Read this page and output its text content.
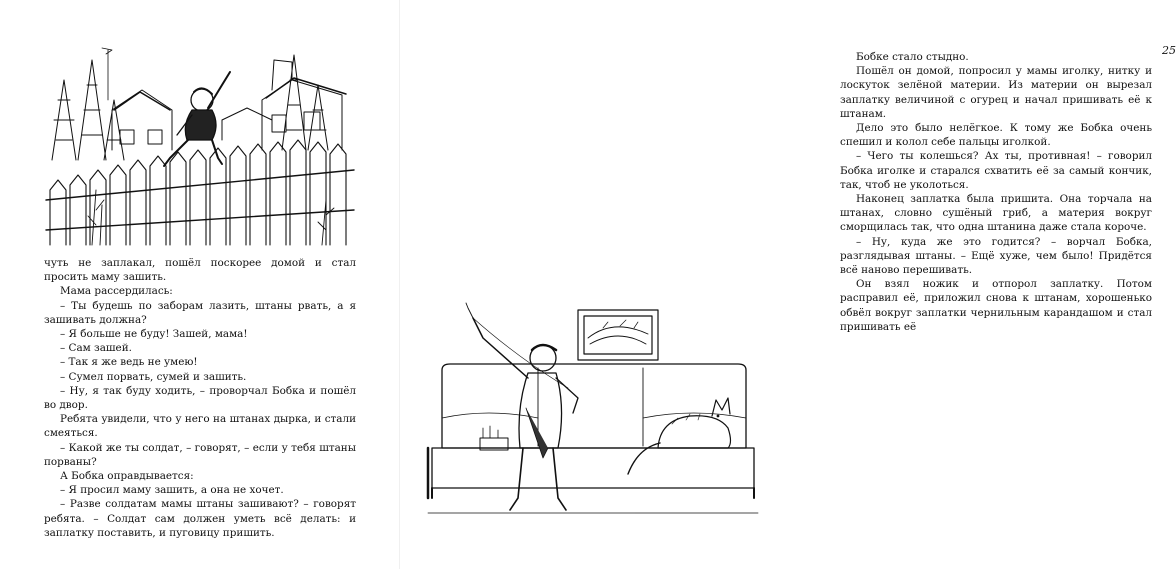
чуть не заплакал, пошёл поскорее домой и стал просить маму зашить.

Мама рассердилась:

– Ты будешь по заборам лазить, штаны рвать, а я зашивать должна?

– Я больше не буду! Зашей, мама!

– Сам зашей.

– Так я же ведь не умею!

– Сумел порвать, сумей и зашить.

– Ну, я так буду ходить, – проворчал Бобка и пошёл во двор.

Ребята увидели, что у него на штанах дырка, и стали смеяться.

– Какой же ты солдат, – говорят, – если у тебя штаны порваны?

А Бобка оправдывается:

– Я просил маму зашить, а она не хочет.

– Разве солдатам мамы штаны зашивают? – говорят ребята. – Солдат сам должен уметь всё делать: и заплатку поставить, и пуговицу пришить.

25

Бобке стало стыдно.

Пошёл он домой, попросил у мамы иголку, нитку и лоскуток зелёной материи. Из материи он вырезал заплатку величиной с огурец и начал пришивать её к штанам.

Дело это было нелёгкое. К тому же Бобка очень спешил и колол себе пальцы иголкой.

– Чего ты колешься? Ах ты, противная! – говорил Бобка иголке и старался схватить её за самый кончик, так, чтоб не уколоться.

Наконец заплатка была пришита. Она торчала на штанах, словно сушёный гриб, а материя вокруг сморщилась так, что одна штанина даже стала короче.

– Ну, куда же это годится? – ворчал Бобка, разглядывая штаны. – Ещё хуже, чем было! Придётся всё наново перешивать.

Он взял ножик и отпорол заплатку. Потом расправил её, приложил снова к штанам, хорошенько обвёл вокруг заплатки чернильным карандашом и стал пришивать её
